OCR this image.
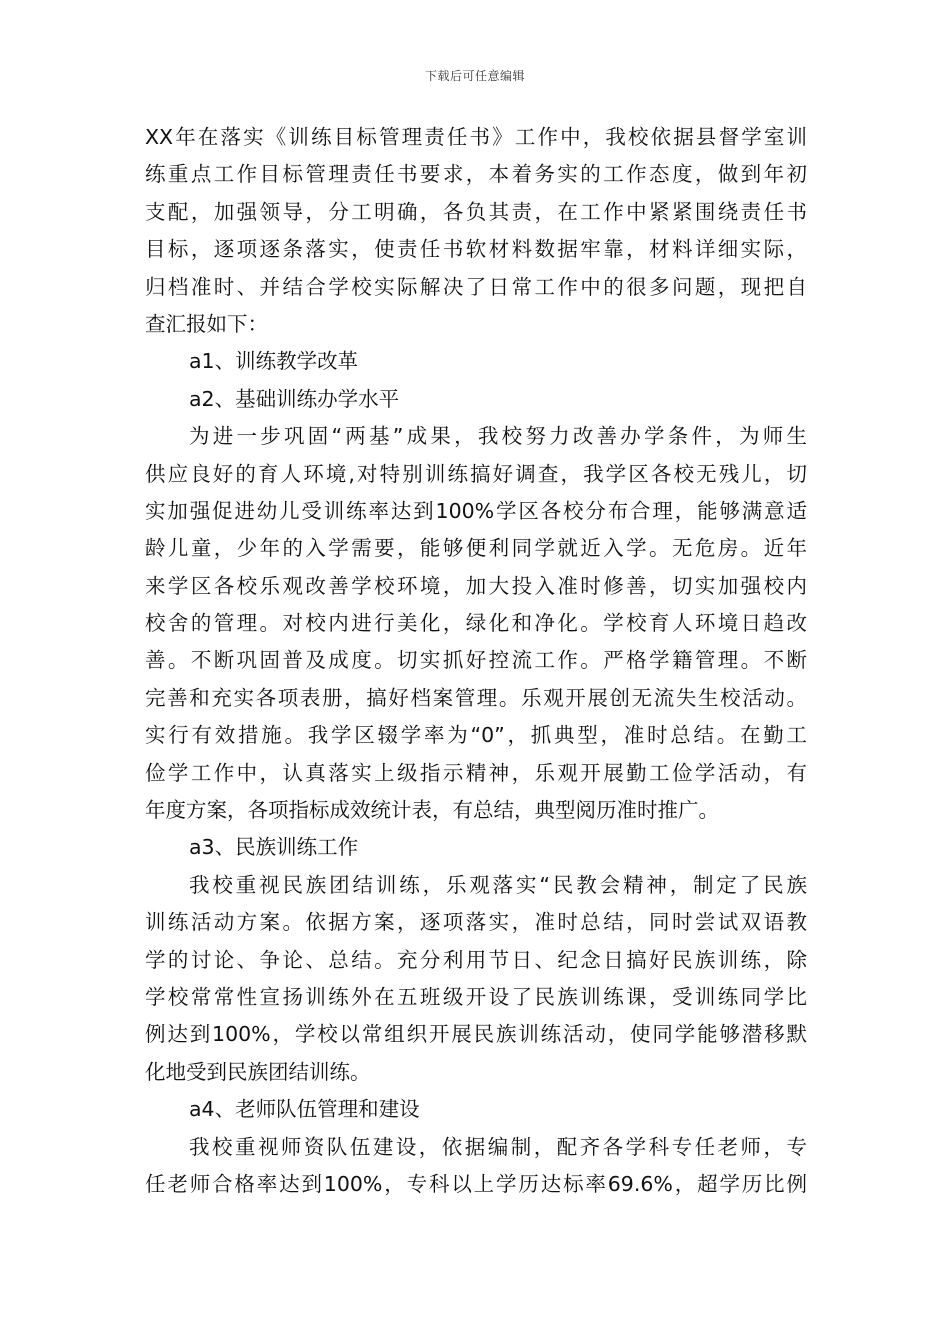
下载后可任意编辑
XX年在落实《训练目标管理责任书》工作中，我校依据县督学室训
练重点工作目标管理责任书要求，本着务实的工作态度，做到年初
支配，加强领导，分工明确，各负其责，在工作中紧紧围绕责任书
目标，逐项逐条落实，使责任书软材料数据牢靠，材料详细实际，
归档准时、并结合学校实际解决了日常工作中的很多问题，现把自
查汇报如下：
a1、训练教学改革
a2、基础训练办学水平
为进一步巩固“两基”成果，我校努力改善办学条件，为师生
供应良好的育人环境,对特别训练搞好调查，我学区各校无残儿，切
实加强促进幼儿受训练率达到100%学区各校分布合理，能够满意适
龄儿童，少年的入学需要，能够便利同学就近入学。无危房。近年
来学区各校乐观改善学校环境，加大投入准时修善，切实加强校内
校舍的管理。对校内进行美化，绿化和净化。学校育人环境日趋改
善。不断巩固普及成度。切实抓好控流工作。严格学籍管理。不断
完善和充实各项表册，搞好档案管理。乐观开展创无流失生校活动。
实行有效措施。我学区辍学率为“0”，抓典型，准时总结。在勤工
俭学工作中，认真落实上级指示精神，乐观开展勤工俭学活动，有
年度方案，各项指标成效统计表，有总结，典型阅历准时推广。
a3、民族训练工作
我校重视民族团结训练，乐观落实“民教会精神，制定了民族
训练活动方案。依据方案，逐项落实，准时总结，同时尝试双语教
学的讨论、争论、总结。充分利用节日、纪念日搞好民族训练，除
学校常常性宣扬训练外在五班级开设了民族训练课，受训练同学比
例达到100%，学校以常组织开展民族训练活动，使同学能够潜移默
化地受到民族团结训练。
a4、老师队伍管理和建设
我校重视师资队伍建设，依据编制，配齐各学科专任老师，专
任老师合格率达到100%，专科以上学历达标率69.6%，超学历比例
